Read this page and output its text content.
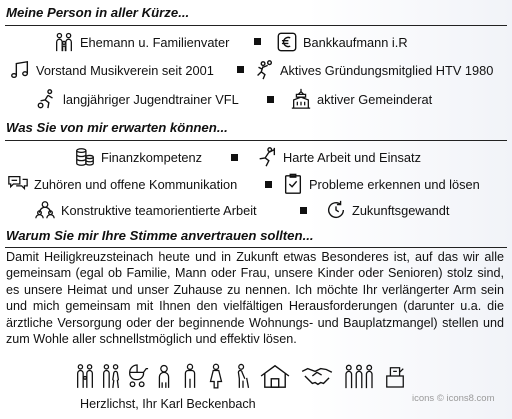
Meine Person in aller Kürze...
Ehemann u. Familienvater	Bankkaufmann i.R
Vorstand Musikverein seit 2001	Aktives Gründungsmitglied HTV 1980
langjähriger Jugendtrainer VFL	aktiver Gemeinderat
Was Sie von mir erwarten können...
Finanzkompetenz	Harte Arbeit und Einsatz
Zuhören und offene Kommunikation	Probleme erkennen und lösen
Konstruktive teamorientierte Arbeit	Zukunftsgewandt
Warum Sie mir Ihre Stimme anvertrauen sollten...

Damit Heiligkreuzsteinach heute und in Zukunft etwas Besonderes ist, auf das wir alle gemeinsam (egal ob Familie, Mann oder Frau, unsere Kinder oder Senioren) stolz sind, es unsere Heimat und unser Zuhause zu nennen. Ich möchte Ihr verlängerter Arm sein und mich gemeinsam mit Ihnen den vielfältigen Herausforderungen (darunter u.a. die ärztliche Versorgung oder der beginnende Wohnungs- und Bauplatzmangel) stellen und zum Wohle aller schnellstmöglich und effektiv lösen.

Herzlichst, Ihr Karl Beckenbach	icons © icons8.com
